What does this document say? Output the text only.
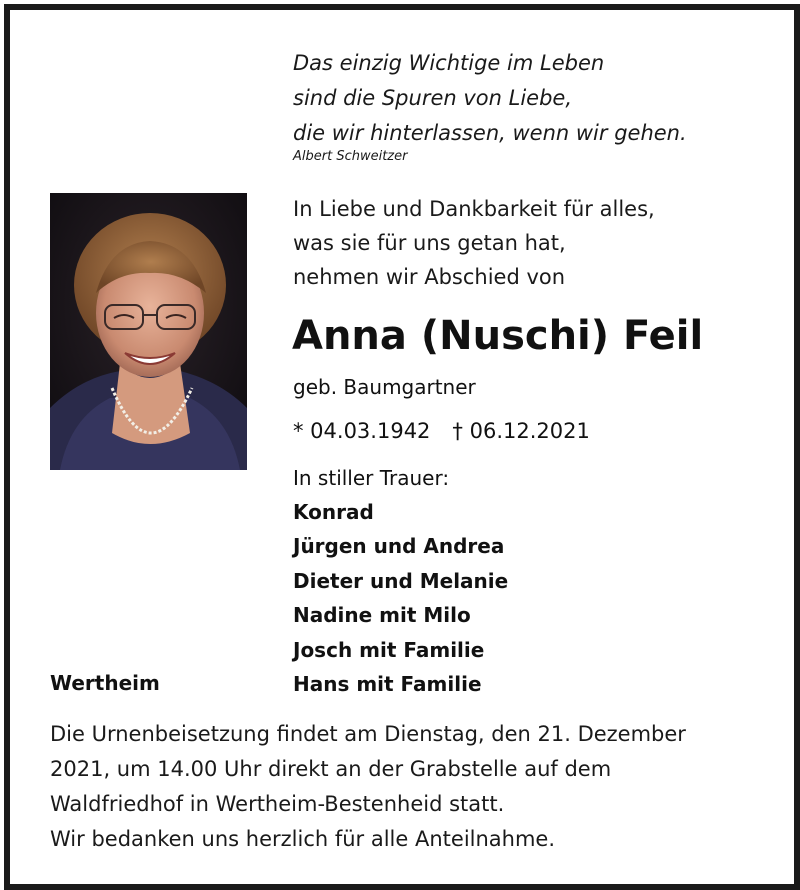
Das einzig Wichtige im Leben
sind die Spuren von Liebe,
die wir hinterlassen, wenn wir gehen.
Albert Schweitzer
In Liebe und Dankbarkeit für alles,
was sie für uns getan hat,
nehmen wir Abschied von
Anna (Nuschi) Feil
geb. Baumgartner
* 04.03.1942 † 06.12.2021
In stiller Trauer:
Konrad
Jürgen und Andrea
Dieter und Melanie
Nadine mit Milo
Josch mit Familie
Hans mit Familie
Wertheim
Die Urnenbeisetzung findet am Dienstag, den 21. Dezember
2021, um 14.00 Uhr direkt an der Grabstelle auf dem
Waldfriedhof in Wertheim-Bestenheid statt.
Wir bedanken uns herzlich für alle Anteilnahme.
